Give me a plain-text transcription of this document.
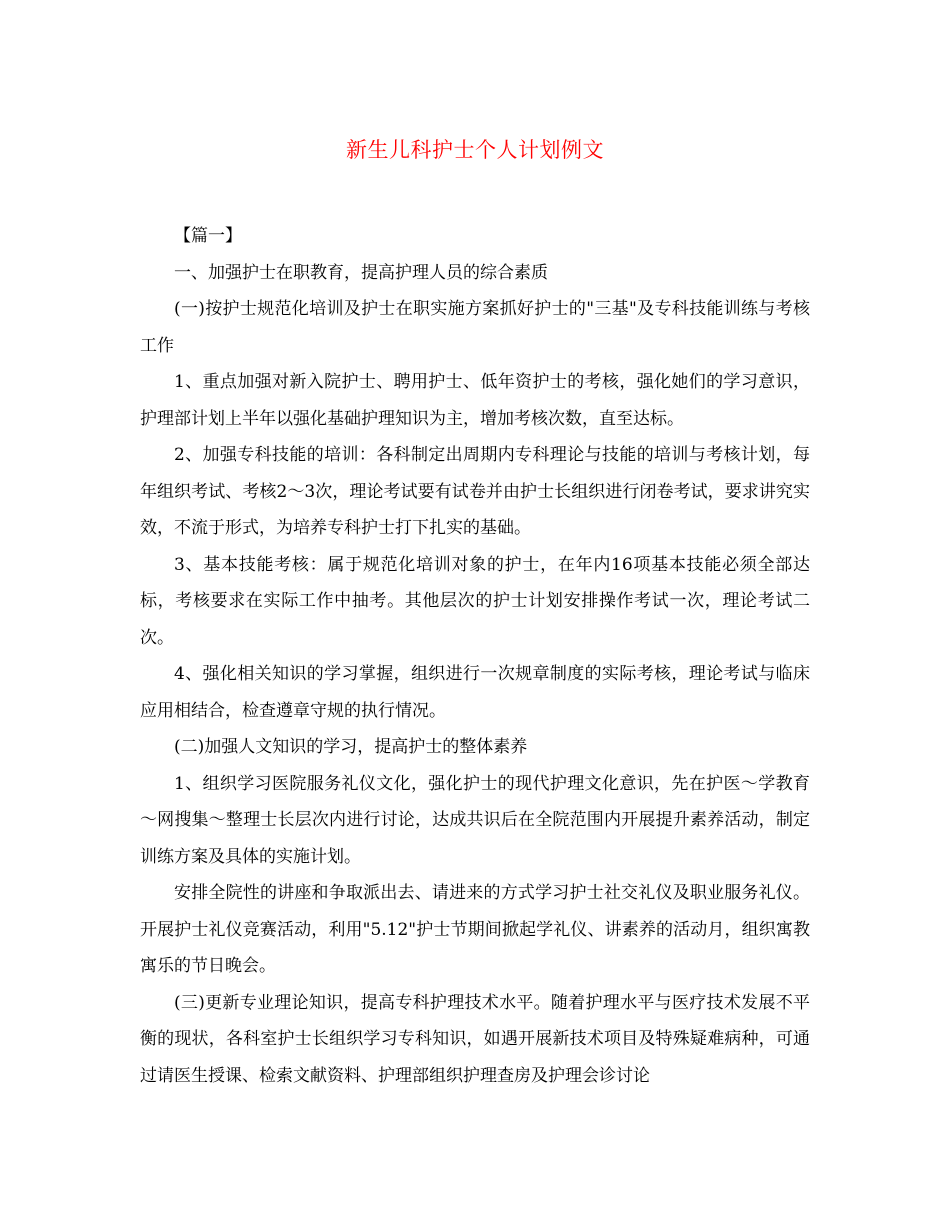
新生儿科护士个人计划例文

【篇一】

一、加强护士在职教育，提高护理人员的综合素质

(一)按护士规范化培训及护士在职实施方案抓好护士的"三基"及专科技能训练与考核工作

1、重点加强对新入院护士、聘用护士、低年资护士的考核，强化她们的学习意识，护理部计划上半年以强化基础护理知识为主，增加考核次数，直至达标。

2、加强专科技能的培训：各科制定出周期内专科理论与技能的培训与考核计划，每年组织考试、考核2～3次，理论考试要有试卷并由护士长组织进行闭卷考试，要求讲究实效，不流于形式，为培养专科护士打下扎实的基础。

3、基本技能考核：属于规范化培训对象的护士，在年内16项基本技能必须全部达标，考核要求在实际工作中抽考。其他层次的护士计划安排操作考试一次，理论考试二次。

4、强化相关知识的学习掌握，组织进行一次规章制度的实际考核，理论考试与临床应用相结合，检查遵章守规的执行情况。

(二)加强人文知识的学习，提高护士的整体素养

1、组织学习医院服务礼仪文化，强化护士的现代护理文化意识，先在护医～学教育～网搜集～整理士长层次内进行讨论，达成共识后在全院范围内开展提升素养活动，制定训练方案及具体的实施计划。

安排全院性的讲座和争取派出去、请进来的方式学习护士社交礼仪及职业服务礼仪。开展护士礼仪竞赛活动，利用"5.12"护士节期间掀起学礼仪、讲素养的活动月，组织寓教寓乐的节日晚会。

(三)更新专业理论知识，提高专科护理技术水平。随着护理水平与医疗技术发展不平衡的现状，各科室护士长组织学习专科知识，如遇开展新技术项目及特殊疑难病种，可通过请医生授课、检索文献资料、护理部组织护理查房及护理会诊讨论
